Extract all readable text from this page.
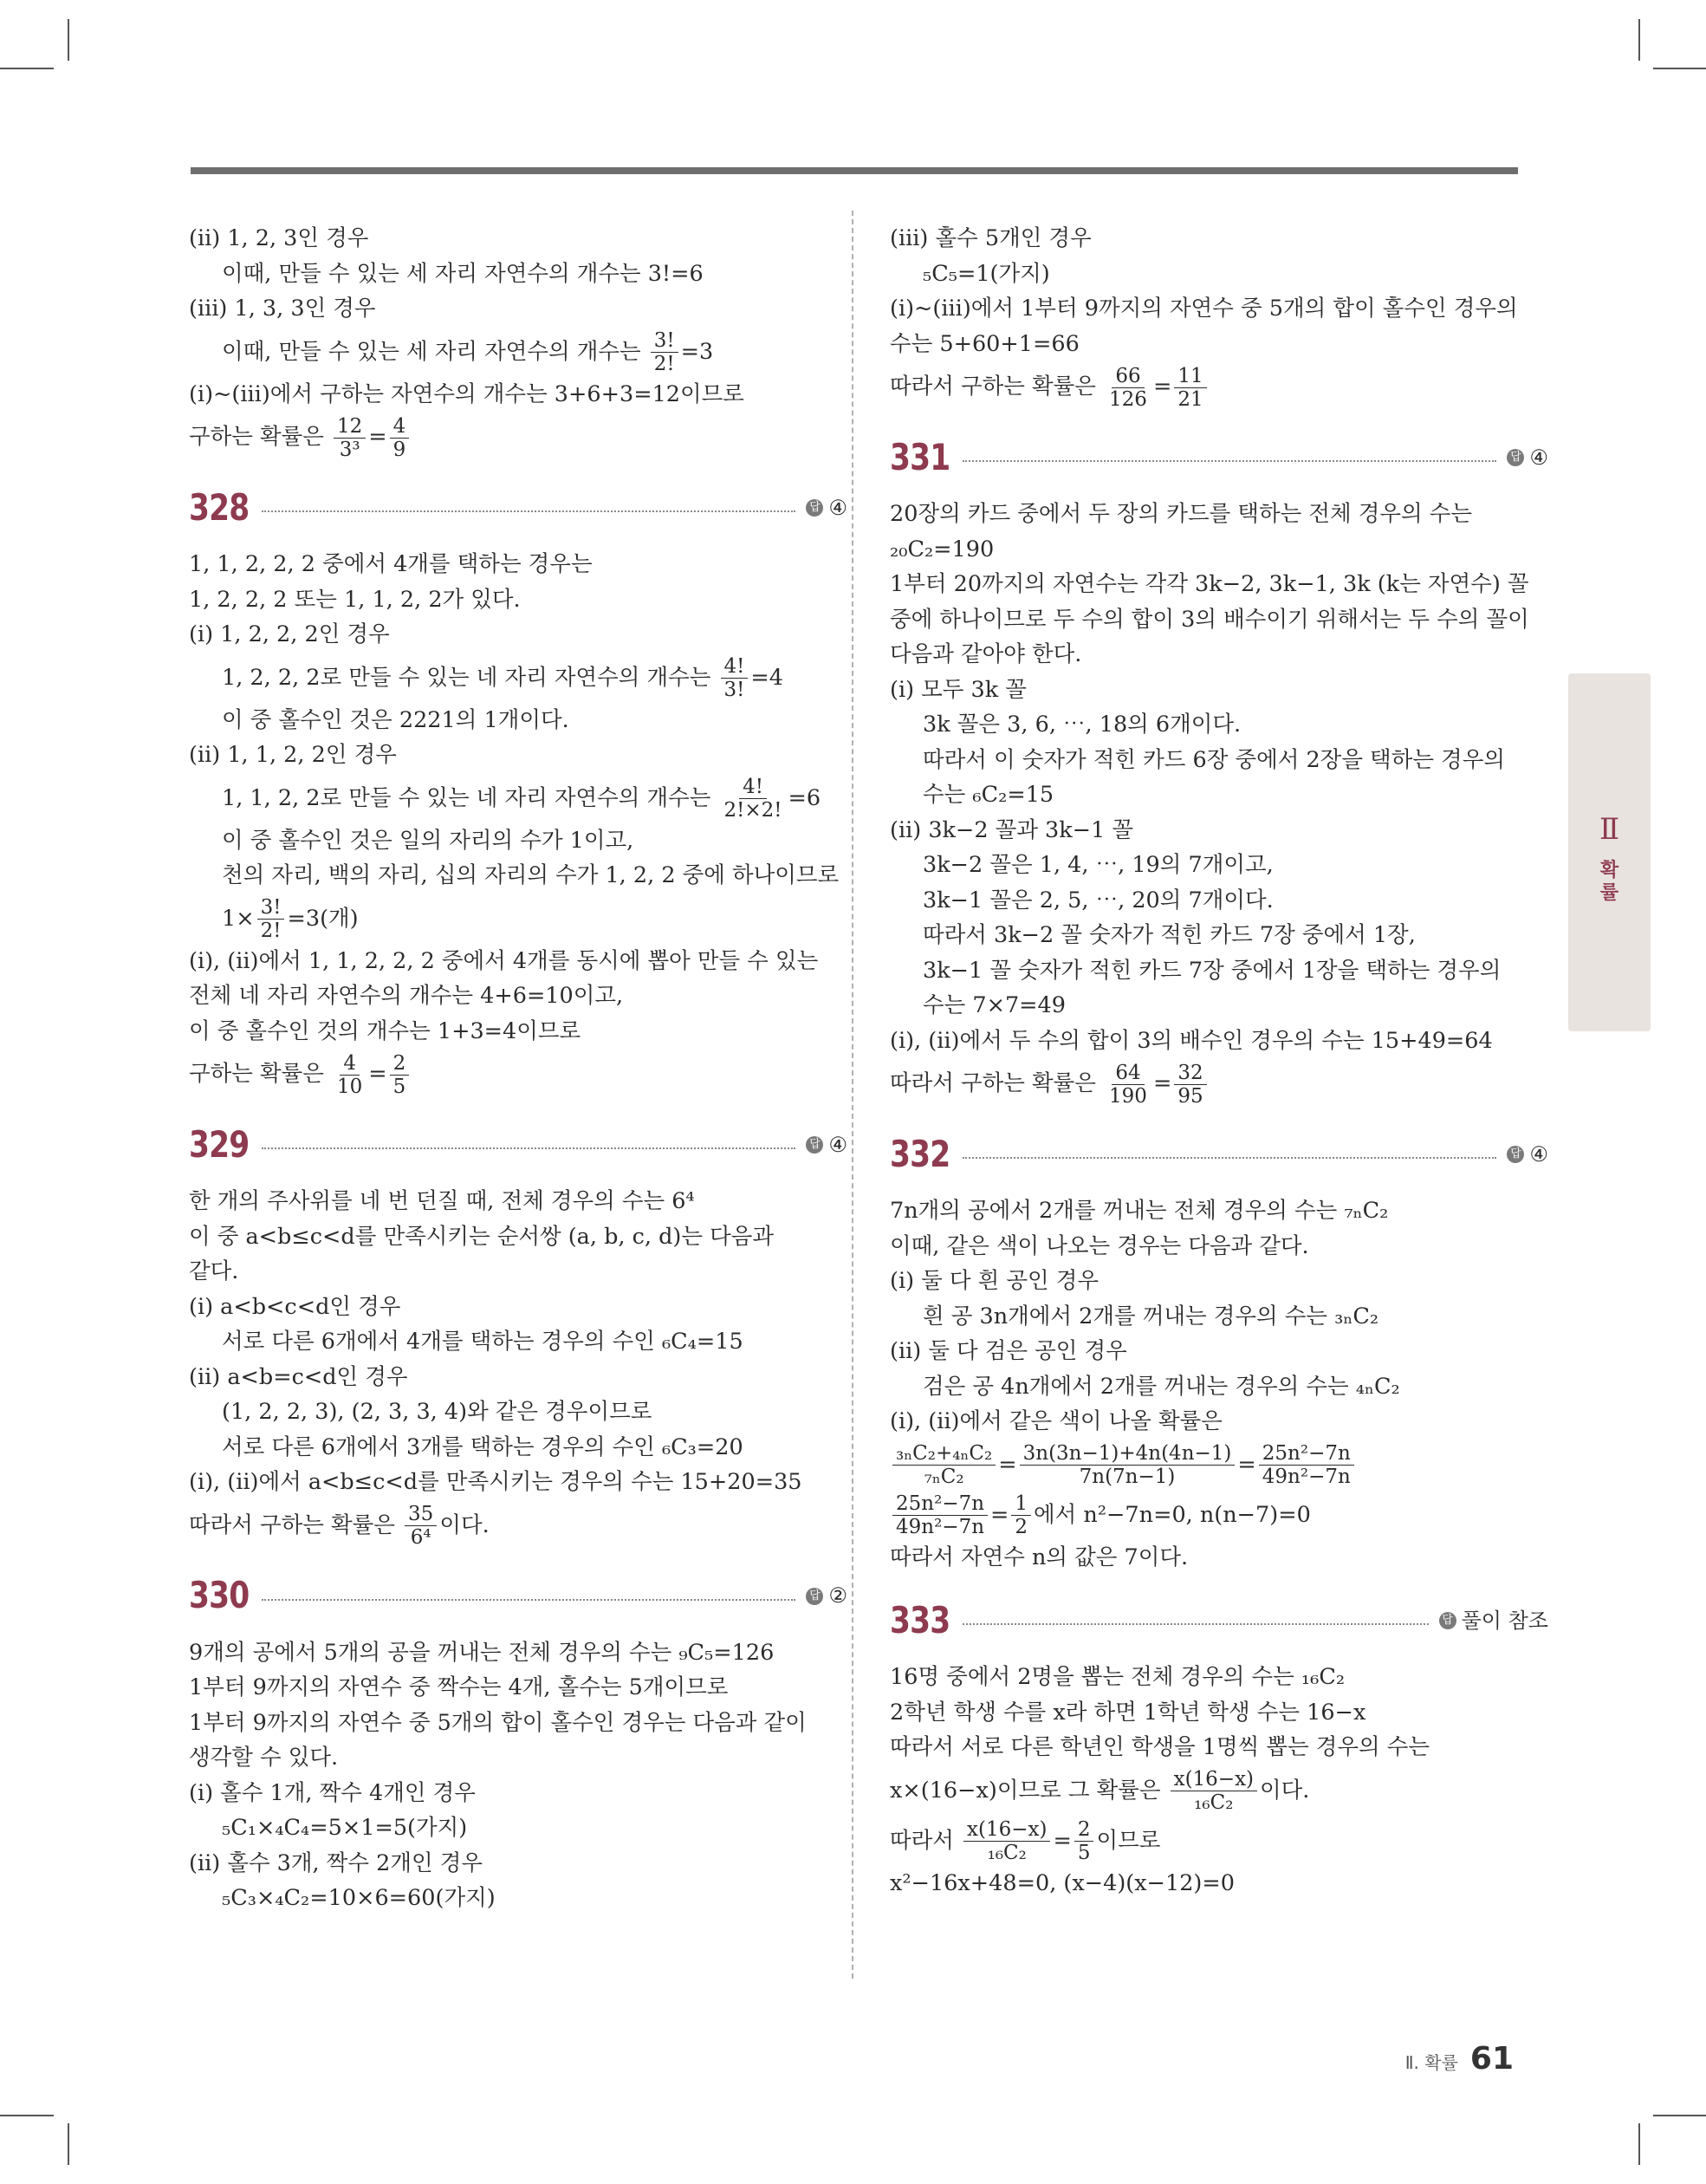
(ⅱ) 1, 2, 3인 경우
이때, 만들 수 있는 세 자리 자연수의 개수는 3!=6
(ⅲ) 1, 3, 3인 경우
이때, 만들 수 있는 세 자리 자연수의 개수는 $\frac{3!}{2!} =3$
(ⅰ)~(ⅲ)에서 구하는 자연수의 개수는 3+6+3=12이므로
구하는 확률은 $\frac{12}{\text{3³}} = \frac{4}{9}$
328	답 ④
1, 1, 2, 2, 2 중에서 4개를 택하는 경우는
1, 2, 2, 2 또는 1, 1, 2, 2가 있다.
(ⅰ) 1, 2, 2, 2인 경우
1, 2, 2, 2로 만들 수 있는 네 자리 자연수의 개수는 $\frac{4!}{3!} =4$
이 중 홀수인 것은 2221의 1개이다.
(ⅱ) 1, 1, 2, 2인 경우
1, 1, 2, 2로 만들 수 있는 네 자리 자연수의 개수는 $\frac{4!}{2!\times 2!} =6$
이 중 홀수인 것은 일의 자리의 수가 1이고,
천의 자리, 백의 자리, 십의 자리의 수가 1, 2, 2 중에 하나이므로
$1\times \frac{3!}{2!} =3$(개)
(ⅰ), (ⅱ)에서 1, 1, 2, 2, 2 중에서 4개를 동시에 뽑아 만들 수 있는
전체 네 자리 자연수의 개수는 4+6=10이고,
이 중 홀수인 것의 개수는 1+3=4이므로
구하는 확률은 $\frac{4}{10} = \frac{2}{5}$
329	답 ④
한 개의 주사위를 네 번 던질 때, 전체 경우의 수는 6⁴
이 중 a<b≤c<d를 만족시키는 순서쌍 (a, b, c, d)는 다음과
같다.
(ⅰ) a<b<c<d인 경우
서로 다른 6개에서 4개를 택하는 경우의 수인 ₆C₄=15
(ⅱ) a<b=c<d인 경우
(1, 2, 2, 3), (2, 3, 3, 4)와 같은 경우이므로
서로 다른 6개에서 3개를 택하는 경우의 수인 ₆C₃=20
(ⅰ), (ⅱ)에서 a<b≤c<d를 만족시키는 경우의 수는 15+20=35
따라서 구하는 확률은 $\frac{35}{\text{6⁴}}$ 이다.
330	답 ②
9개의 공에서 5개의 공을 꺼내는 전체 경우의 수는 ₉C₅=126
1부터 9까지의 자연수 중 짝수는 4개, 홀수는 5개이므로
1부터 9까지의 자연수 중 5개의 합이 홀수인 경우는 다음과 같이
생각할 수 있다.
(ⅰ) 홀수 1개, 짝수 4개인 경우
₅C₁×₄C₄=5×1=5(가지)
(ⅱ) 홀수 3개, 짝수 2개인 경우
₅C₃×₄C₂=10×6=60(가지)
(ⅲ) 홀수 5개인 경우
₅C₅=1(가지)
(ⅰ)~(ⅲ)에서 1부터 9까지의 자연수 중 5개의 합이 홀수인 경우의
수는 5+60+1=66
따라서 구하는 확률은 $\frac{66}{126} = \frac{11}{21}$
331	답 ④
20장의 카드 중에서 두 장의 카드를 택하는 전체 경우의 수는
₂₀C₂=190
1부터 20까지의 자연수는 각각 3k−2, 3k−1, 3k (k는 자연수) 꼴
중에 하나이므로 두 수의 합이 3의 배수이기 위해서는 두 수의 꼴이
다음과 같아야 한다.
(ⅰ) 모두 3k 꼴
3k 꼴은 3, 6, ⋯, 18의 6개이다.
따라서 이 숫자가 적힌 카드 6장 중에서 2장을 택하는 경우의
수는 ₆C₂=15
(ⅱ) 3k−2 꼴과 3k−1 꼴
3k−2 꼴은 1, 4, ⋯, 19의 7개이고,
3k−1 꼴은 2, 5, ⋯, 20의 7개이다.
따라서 3k−2 꼴 숫자가 적힌 카드 7장 중에서 1장,
3k−1 꼴 숫자가 적힌 카드 7장 중에서 1장을 택하는 경우의
수는 7×7=49
(ⅰ), (ⅱ)에서 두 수의 합이 3의 배수인 경우의 수는 15+49=64
따라서 구하는 확률은 $\frac{64}{190} = \frac{32}{95}$
332	답 ④
7n개의 공에서 2개를 꺼내는 전체 경우의 수는 ₇ₙC₂
이때, 같은 색이 나오는 경우는 다음과 같다.
(ⅰ) 둘 다 흰 공인 경우
흰 공 3n개에서 2개를 꺼내는 경우의 수는 ₃ₙC₂
(ⅱ) 둘 다 검은 공인 경우
검은 공 4n개에서 2개를 꺼내는 경우의 수는 ₄ₙC₂
(ⅰ), (ⅱ)에서 같은 색이 나올 확률은
$\frac{\text{₃ₙC₂+₄ₙC₂}}{\text{₇ₙC₂}} = \frac{3n(3n-1)+4n(4n-1)}{7n(7n-1)} = \frac{\text{25n²−7n}}{\text{49n²−7n}}$
$\frac{\text{25n²−7n}}{\text{49n²−7n}} = \frac{1}{2}$ 에서 n²−7n=0, n(n−7)=0
따라서 자연수 n의 값은 7이다.
333	답 풀이 참조
16명 중에서 2명을 뽑는 전체 경우의 수는 ₁₆C₂
2학년 학생 수를 x라 하면 1학년 학생 수는 16−x
따라서 서로 다른 학년인 학생을 1명씩 뽑는 경우의 수는
x×(16−x)이므로 그 확률은 $\frac{x(16-x)}{\text{₁₆C₂}}$ 이다.
따라서 $\frac{x(16-x)}{\text{₁₆C₂}} = \frac{2}{5}$ 이므로
x²−16x+48=0, (x−4)(x−12)=0
Ⅱ
확
률
Ⅱ. 확률 61
